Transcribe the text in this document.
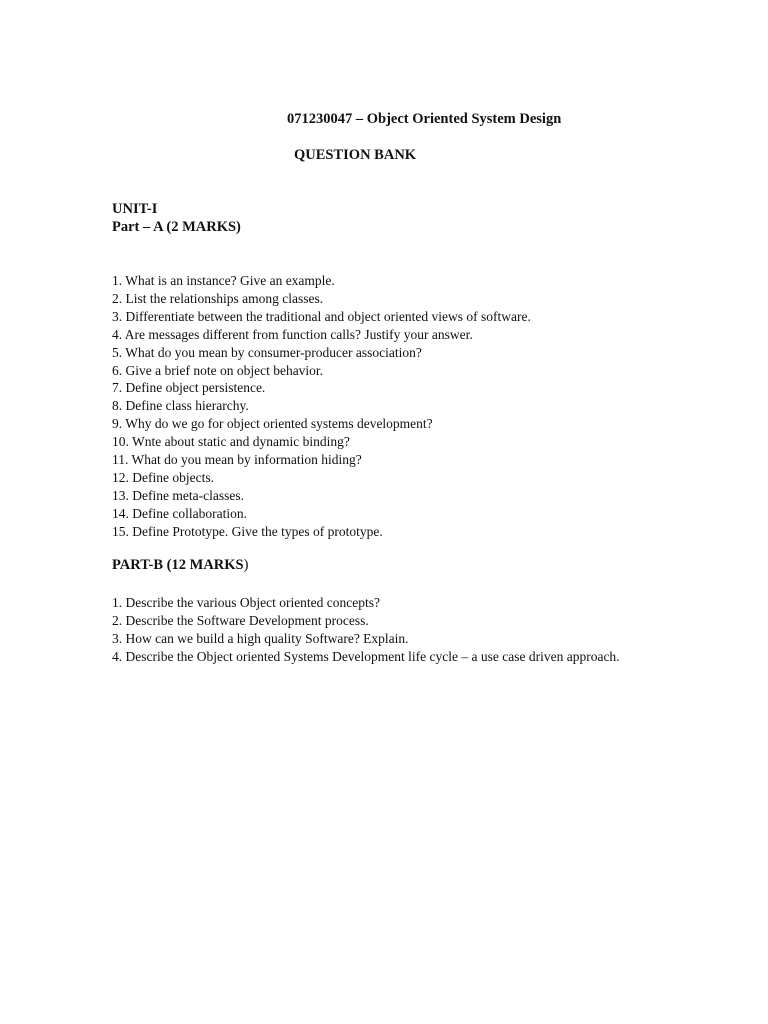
071230047 – Object Oriented System Design
QUESTION BANK
UNIT-I
Part – A (2 MARKS)
1. What is an instance? Give an example.
2. List the relationships among classes.
3. Differentiate between the traditional and object oriented views of software.
4. Are messages different from function calls? Justify your answer.
5. What do you mean by consumer-producer association?
6. Give a brief note on object behavior.
7. Define object persistence.
8. Define class hierarchy.
9. Why do we go for object oriented systems development?
10. Wnte about static and dynamic binding?
11. What do you mean by information hiding?
12. Define objects.
13. Define meta-classes.
14. Define collaboration.
15. Define Prototype. Give the types of prototype.
PART-B (12 MARKS)
1. Describe the various Object oriented concepts?
2. Describe the Software Development process.
3. How can we build a high quality Software? Explain.
4. Describe the Object oriented Systems Development life cycle – a use case driven approach.
